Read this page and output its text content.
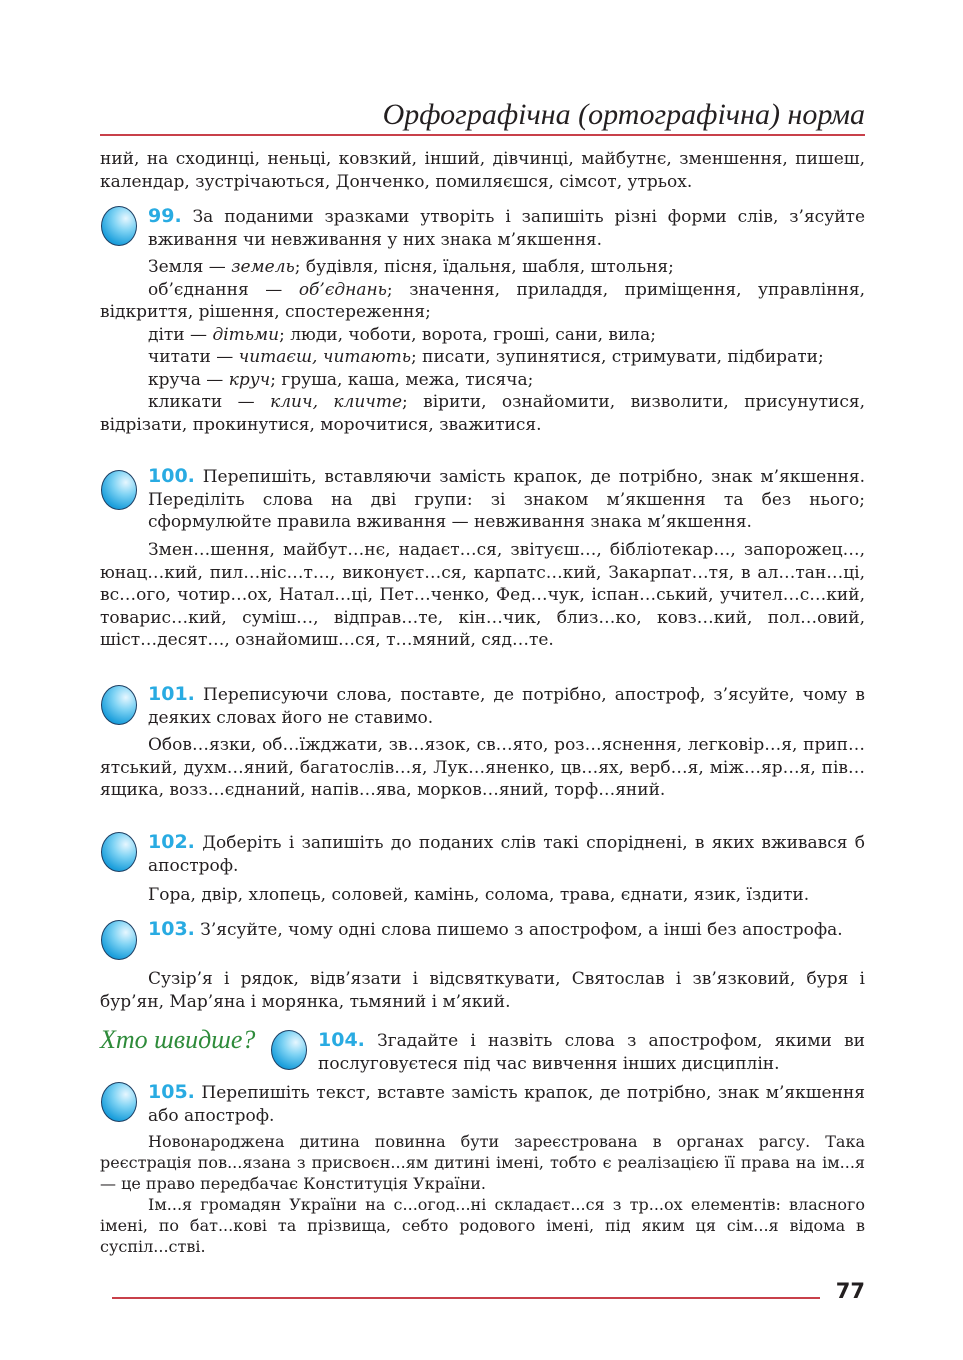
Орфографічна (ортографічна) норма

ний, на сходинці, неньці, ковзкий, інший, дівчинці, майбутнє, зменшення, пишеш, календар, зустрічаються, Донченко, помиляєшся, сімсот, утрьох.

99. За поданими зразками утворіть і запишіть різні форми слів, з’ясуйте вживання чи невживання у них знака м’якшення.

Земля — земель; будівля, пісня, їдальня, шабля, штольня;

об’єднання — об’єднань; значення, приладдя, приміщення, управління, відкриття, рішення, спостереження;

діти — дітьми; люди, чоботи, ворота, гроші, сани, вила;

читати — читаєш, читають; писати, зупинятися, стримувати, підбирати;

круча — круч; груша, каша, межа, тисяча;

кликати — клич, кличте; вірити, ознайомити, визволити, присунутися, відрізати, прокинутися, морочитися, зважитися.

100. Перепишіть, вставляючи замість крапок, де потрібно, знак м’якшення. Переділіть слова на дві групи: зі знаком м’якшення та без нього; сформулюйте правила вживання — невживання знака м’якшення.

Змен…шення, майбут…нє, надаєт…ся, звітуєш…, бібліотекар…, запорожец…, юнац…кий, пил…ніс…т…, виконуєт…ся, карпатс…кий, Закарпат…тя, в ал…тан…ці, вс…ого, чотир…ох, Натал…ці, Пет…ченко, Фед…чук, іспан…ський, учител…с…кий, товарис…кий, суміш…, відправ…те, кін…чик, близ…ко, ковз…кий, пол…овий, шіст…десят…, ознайомиш…ся, т…мяний, сяд…те.

101. Переписуючи слова, поставте, де потрібно, апостроф, з’ясуйте, чому в деяких словах його не ставимо.

Обов…язки, об…їжджати, зв…язок, св…ято, роз…яснення, легковір…я, прип…ятський, духм…яний, багатослів…я, Лук…яненко, цв…ях, верб…я, між…яр…я, пів…ящика, возз…єднаний, напів…ява, морков…яний, торф…яний.

102. Доберіть і запишіть до поданих слів такі споріднені, в яких вживався б апостроф.

Гора, двір, хлопець, соловей, камінь, солома, трава, єднати, язик, їздити.

103. З’ясуйте, чому одні слова пишемо з апострофом, а інші без апострофа.

Сузір’я і рядок, відв’язати і відсвяткувати, Святослав і зв’язковий, буря і бур’ян, Мар’яна і морянка, тьмяний і м’який.

Хто швидше?	104. Згадайте і назвіть слова з апострофом, якими ви послуговуєтеся під час вивчення інших дисциплін.

105. Перепишіть текст, вставте замість крапок, де потрібно, знак м’якшення або апостроф.

Новонароджена дитина повинна бути зареєстрована в органах рагсу. Така реєстрація пов...язана з присвоєн...ям дитині імені, тобто є реалізацією її права на ім...я — це право передбачає Конституція України.

Ім...я громадян України на с...огод...ні складаєт...ся з тр...ох елементів: власного імені, по бат...кові та прізвища, себто родового імені, під яким ця сім...я відома в суспіл...стві.

77
